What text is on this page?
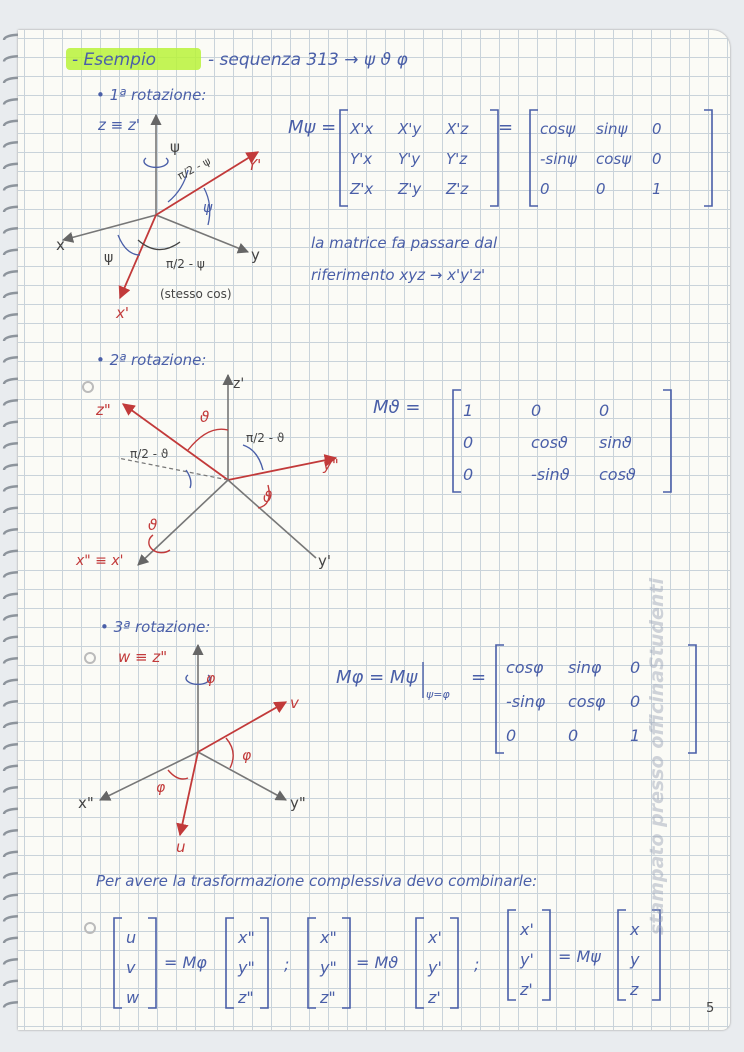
- Esempio	- sequenza 313 → ψ ϑ φ
• 1ª rotazione:
z ≡ z'
ψ
π/2 - ψ Y'
ψ
x
y
ψ	π/2 - ψ
(stesso cos)
x'
Mψ = X'x X'y X'z
Y'x Y'y Y'z
Z'x Z'y Z'z
= cosψ sinψ 0
-sinψ cosψ 0
0	0	1
la matrice fa passare dal
riferimento xyz → x'y'z'
• 2ª rotazione:
z'
z"	ϑ
π/2 - ϑ
π/2 - ϑ
y"
ϑ
ϑ
x" ≡ x'	y'
Mϑ =	1	0	0
0	cosϑ sinϑ
0	-sinϑ cosϑ
• 3ª rotazione:
w ≡ z"
φ
v
φ
φ
x"	y"
u
Mφ = Mψ
ψ=φ
= cosφ sinφ 0
-sinφ cosφ 0
0	0	1
Per avere la trasformazione complessiva devo combinarle:
u
v
w
= Mφ
x"
y"
z"
;
x"
y"
z"
= Mϑ
x'
y'
z'
;
x'
y'
z'
= Mψ
x
y
z
5
stampato presso officinaStudenti
